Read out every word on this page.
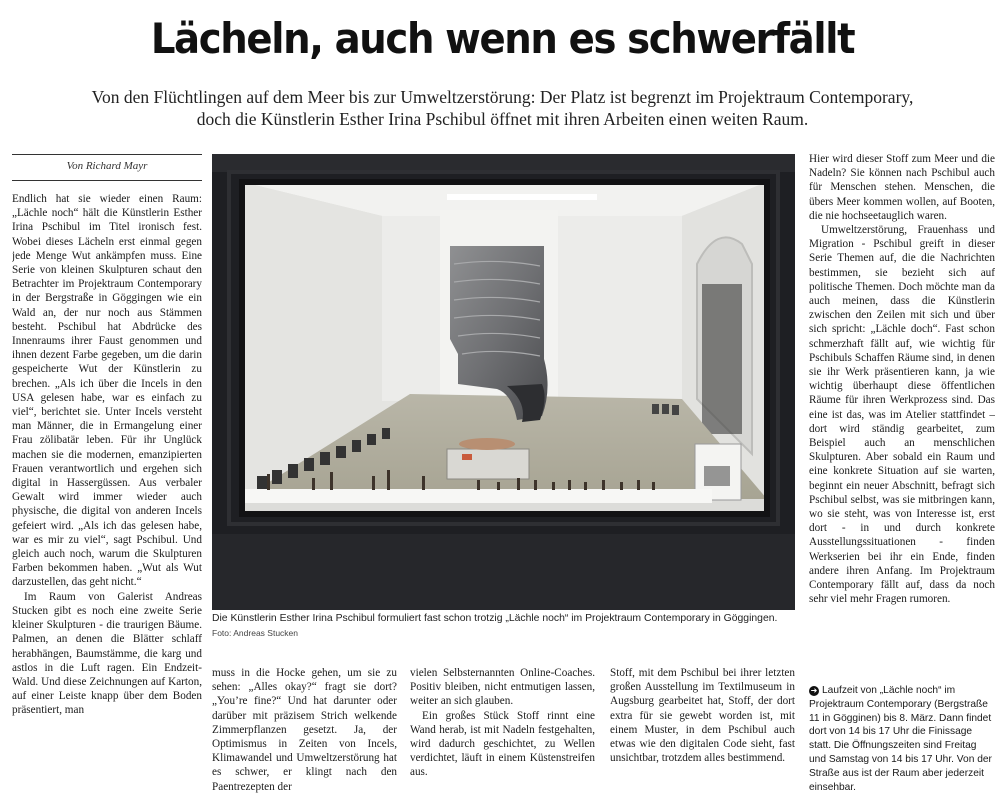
Lächeln, auch wenn es schwerfällt
Von den Flüchtlingen auf dem Meer bis zur Umweltzerstörung: Der Platz ist begrenzt im Projektraum Contemporary,
doch die Künstlerin Esther Irina Pschibul öffnet mit ihren Arbeiten einen weiten Raum.
Von Richard Mayr

Endlich hat sie wieder einen Raum: „Lächle noch“ hält die Künstlerin Esther Irina Pschibul im Titel ironisch fest. Wobei dieses Lächeln erst einmal gegen jede Menge Wut ankämpfen muss. Eine Serie von kleinen Skulpturen schaut den Betrachter im Projektraum Contemporary in der Bergstraße in Göggingen wie ein Wald an, der nur noch aus Stämmen besteht. Pschibul hat Abdrücke des Innenraums ihrer Faust genommen und ihnen dezent Farbe gegeben, um die darin gespeicherte Wut der Künstlerin zu brechen. „Als ich über die Incels in den USA gelesen habe, war es einfach zu viel“, berichtet sie. Unter Incels versteht man Männer, die in Ermangelung einer Frau zölibatär leben. Für ihr Unglück machen sie die modernen, emanzipierten Frauen verantwortlich und ergehen sich digital in Hassergüssen. Aus verbaler Gewalt wird immer wieder auch physische, die digital von anderen Incels gefeiert wird. „Als ich das gelesen habe, war es mir zu viel“, sagt Pschibul. Und gleich auch noch, warum die Skulpturen Farben bekommen haben. „Wut als Wut darzustellen, das geht nicht.“

Im Raum von Galerist Andreas Stucken gibt es noch eine zweite Serie kleiner Skulpturen - die traurigen Bäume. Palmen, an denen die Blätter schlaff herabhängen, Baumstämme, die karg und astlos in die Luft ragen. Ein Endzeit-Wald. Und diese Zeichnungen auf Karton, auf einer Leiste knapp über dem Boden präsentiert, man

Die Künstlerin Esther Irina Pschibul formuliert fast schon trotzig „Lächle noch“ im Projektraum Contemporary in Göggingen. Foto: Andreas Stucken

muss in die Hocke gehen, um sie zu sehen: „Alles okay?“ fragt sie dort? „You’re fine?“ Und hat darunter oder darüber mit präzisem Strich welkende Zimmerpflanzen gesetzt. Ja, der Optimismus in Zeiten von Incels, Klimawandel und Umweltzerstörung hat es schwer, er klingt nach den Paentrezepten der

vielen Selbsternannten Online-Coaches. Positiv bleiben, nicht entmutigen lassen, weiter an sich glauben.

Ein großes Stück Stoff rinnt eine Wand herab, ist mit Nadeln festgehalten, wird dadurch geschichtet, zu Wellen verdichtet, läuft in einem Küstenstreifen aus.

Stoff, mit dem Pschibul bei ihrer letzten großen Ausstellung im Textilmuseum in Augsburg gearbeitet hat, Stoff, der dort extra für sie gewebt worden ist, mit einem Muster, in dem Pschibul auch etwas wie den digitalen Code sieht, fast unsichtbar, trotzdem alles bestimmend.

Hier wird dieser Stoff zum Meer und die Nadeln? Sie können nach Pschibul auch für Menschen stehen. Menschen, die übers Meer kommen wollen, auf Booten, die nie hochseetauglich waren.

Umweltzerstörung, Frauenhass und Migration - Pschibul greift in dieser Serie Themen auf, die die Nachrichten bestimmen, sie bezieht sich auf politische Themen. Doch möchte man da auch meinen, dass die Künstlerin zwischen den Zeilen mit sich und über sich spricht: „Lächle doch“. Fast schon schmerzhaft fällt auf, wie wichtig für Pschibuls Schaffen Räume sind, in denen sie ihr Werk präsentieren kann, ja wie wichtig überhaupt diese öffentlichen Räume für ihren Werkprozess sind. Das eine ist das, was im Atelier stattfindet – dort wird ständig gearbeitet, zum Beispiel auch an menschlichen Skulpturen. Aber sobald ein Raum und eine konkrete Situation auf sie warten, beginnt ein neuer Abschnitt, befragt sich Pschibul selbst, was sie mitbringen kann, wo sie steht, was von Interesse ist, erst dort - in und durch konkrete Ausstellungssituationen - finden Werkserien bei ihr ein Ende, finden andere ihren Anfang. Im Projektraum Contemporary fällt auf, dass da noch sehr viel mehr Fragen rumoren.

➜ Laufzeit von „Lächle noch“ im Projektraum Contemporary (Bergstraße 11 in Gögginen) bis 8. März. Dann findet dort von 14 bis 17 Uhr die Finissage statt. Die Öffnungszeiten sind Freitag und Samstag von 14 bis 17 Uhr. Von der Straße aus ist der Raum aber jederzeit einsehbar.
